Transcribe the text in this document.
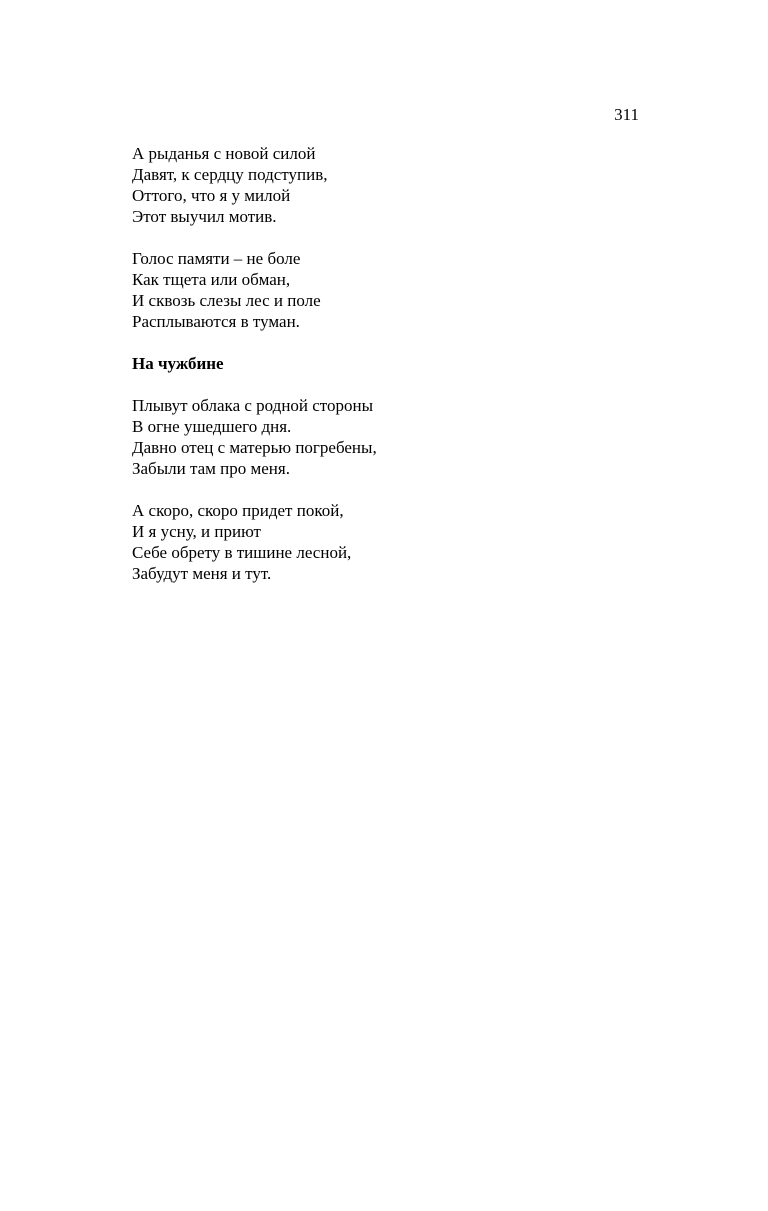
311

А рыданья с новой силой
Давят, к сердцу подступив,
Оттого, что я у милой
Этот выучил мотив.
Голос памяти – не боле
Как тщета или обман,
И сквозь слезы лес и поле
Расплываются в туман.
На чужбине
Плывут облака с родной стороны
В огне ушедшего дня.
Давно отец с матерью погребены,
Забыли там про меня.
А скоро, скоро придет покой,
И я усну, и приют
Себе обрету в тишине лесной,
Забудут меня и тут.
